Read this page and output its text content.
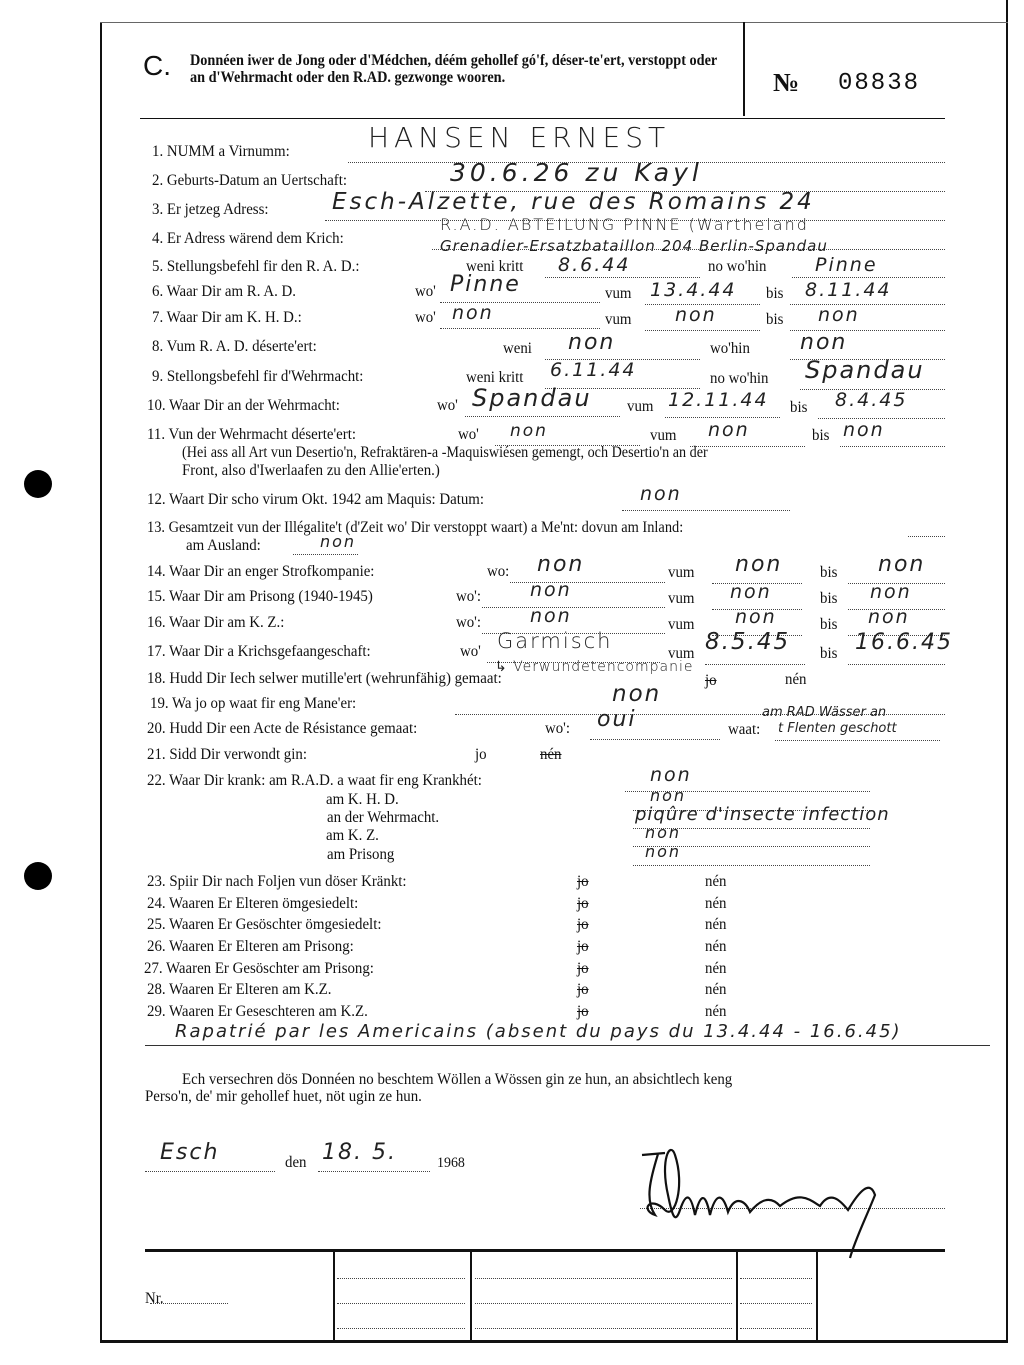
C. Donnéen iwer de Jong oder d'Médchen, déém gehollef gó'f, déser-te'ert, verstoppt oder an d'Wehrmacht oder den R.AD. gezwonge wooren.	№ 08838
1. NUMM a Virnumm:	HANSEN ERNEST
2. Geburts-Datum an Uertschaft:	30.6.26 zu Kayl
3. Er jetzeg Adress:	Esch-Alzette, rue des Romains 24
4. Er Adress wärend dem Krich:
R.A.D. ABTEILUNG PINNE (Wartheland
Grenadier-Ersatzbataillon 204 Berlin-Spandau
5. Stellungsbefehl fir den R. A. D.:	weni kritt 8.6.44	no wo'hin	Pinne
6. Waar Dir am R. A. D.	wo' Pinne	vum 13.4.44 bis 8.11.44
7. Waar Dir am K. H. D.:	wo' non	vum non	bis non
8. Vum R. A. D. déserte'ert:	weni non	wo'hin non
9. Stellongsbefehl fir d'Wehrmacht:	weni kritt 6.11.44	no wo'hin Spandau
10. Waar Dir an der Wehrmacht:	wo' Spandau vum 12.11.44 bis 8.4.45
11. Vun der Wehrmacht déserte'ert:	wo' non	vum non	bis non
(Hei ass all Art vun Desertio'n, Refraktären-a -Maquiswiésen gemengt, och Desertio'n an der
Front, also d'Iwerlaafen zu den Allie'erten.)
12. Waart Dir scho virum Okt. 1942 am Maquis: Datum:	non
13. Gesamtzeit vun der Illégalite't (d'Zeit wo' Dir verstoppt waart) a Me'nt: dovun am Inland:
am Ausland:	non
14. Waar Dir an enger Strofkompanie:	wo: non	vum non bis non
15. Waar Dir am Prisong (1940-1945)	wo':	non	vum non	bis non
16. Waar Dir am K. Z.:	wo':	non	vum non	bis non
17. Waar Dir a Krichsgefaangeschaft:	wo' Garmisch
vum 8.5.45 bis 16.6.45
↳ Verwundetencompanie
18. Hudd Dir Iech selwer mutille'ert (wehrunfähig) gemaat:	jo	nén
19. Wa jo op waat fir eng Mane'er:	non
20. Hudd Dir een Acte de Résistance gemaat:	wo': oui	waat: t Flenten geschott
am RAD Wässer an
21. Sidd Dir verwondt gin:	jo	nén
22. Waar Dir krank: am R.A.D. a waat fir eng Krankhét:	non
am K. H. D.	non
an der Wehrmacht.	piqûre d'insecte infection
am K. Z.	non
am Prisong	non
23. Spiir Dir nach Foljen vun döser Kränkt:	jo	nén
24. Waaren Er Elteren ömgesiedelt:	jo	nén
25. Waaren Er Gesöschter ömgesiedelt:	jo	nén
26. Waaren Er Elteren am Prisong:	jo	nén
27. Waaren Er Gesöschter am Prisong:	jo	nén
28. Waaren Er Elteren am K.Z.	jo	nén
29. Waaren Er Geseschteren am K.Z.	jo	nén
Rapatrié par les Americains (absent du pays du 13.4.44 - 16.6.45)
Ech versechren dös Donnéen no beschtem Wöllen a Wössen gin ze hun, an absichtlech keng
Perso'n, de' mir gehollef huet, nöt ugin ze hun.
Esch	den 18. 5.	1968
Nr.
